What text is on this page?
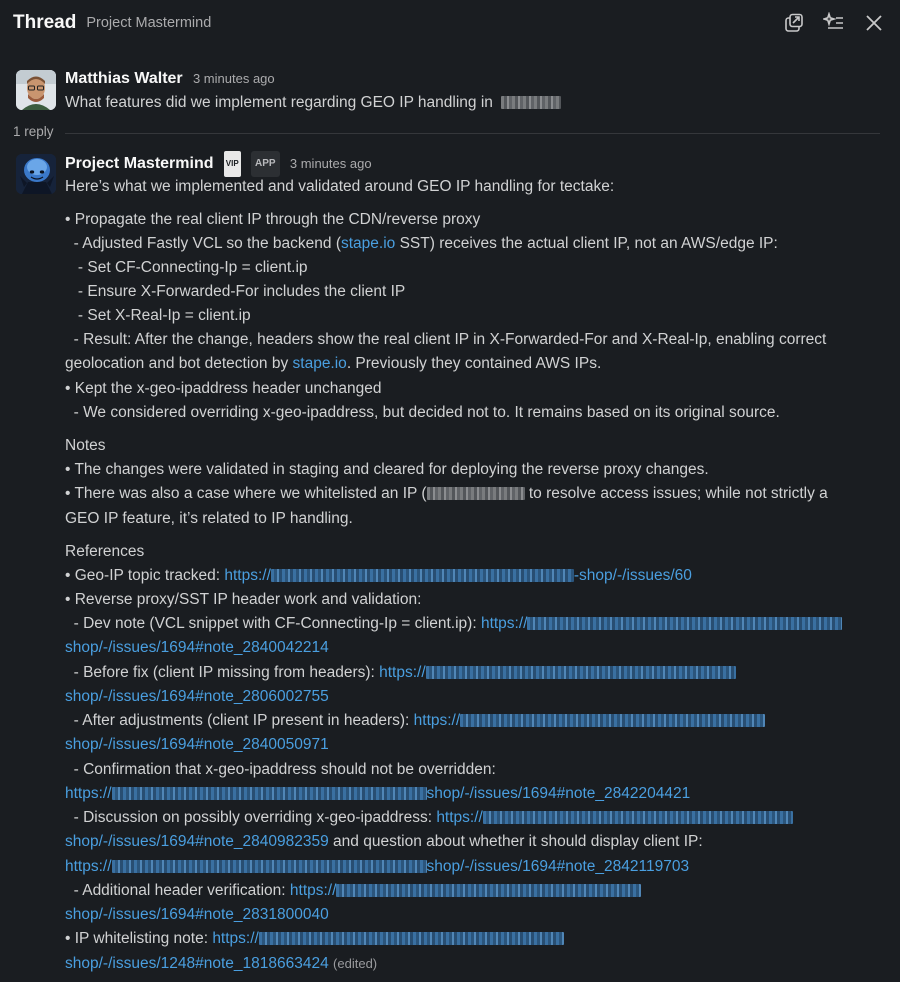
Thread Project Mastermind
Matthias Walter 3 minutes ago
What features did we implement regarding GEO IP handling in
1 reply
Project Mastermind VIP APP 3 minutes ago
Here’s what we implemented and validated around GEO IP handling for tectake:
• Propagate the real client IP through the CDN/reverse proxy
- Adjusted Fastly VCL so the backend (stape.io SST) receives the actual client IP, not an AWS/edge IP:
- Set CF-Connecting-Ip = client.ip
- Ensure X-Forwarded-For includes the client IP
- Set X-Real-Ip = client.ip
- Result: After the change, headers show the real client IP in X-Forwarded-For and X-Real-Ip, enabling correct
geolocation and bot detection by stape.io. Previously they contained AWS IPs.
• Kept the x-geo-ipaddress header unchanged
- We considered overriding x-geo-ipaddress, but decided not to. It remains based on its original source.
Notes
• The changes were validated in staging and cleared for deploying the reverse proxy changes.
• There was also a case where we whitelisted an IP (	to resolve access issues; while not strictly a
GEO IP feature, it’s related to IP handling.
References
• Geo-IP topic tracked: https://	-shop/-/issues/60
• Reverse proxy/SST IP header work and validation:
- Dev note (VCL snippet with CF-Connecting-Ip = client.ip): https://
shop/-/issues/1694#note_2840042214
- Before fix (client IP missing from headers): https://
shop/-/issues/1694#note_2806002755
- After adjustments (client IP present in headers): https://
shop/-/issues/1694#note_2840050971
- Confirmation that x-geo-ipaddress should not be overridden:
https://	shop/-/issues/1694#note_2842204421
- Discussion on possibly overriding x-geo-ipaddress: https://
shop/-/issues/1694#note_2840982359 and question about whether it should display client IP:
https://	shop/-/issues/1694#note_2842119703
- Additional header verification: https://
shop/-/issues/1694#note_2831800040
• IP whitelisting note: https://
shop/-/issues/1248#note_1818663424 (edited)
